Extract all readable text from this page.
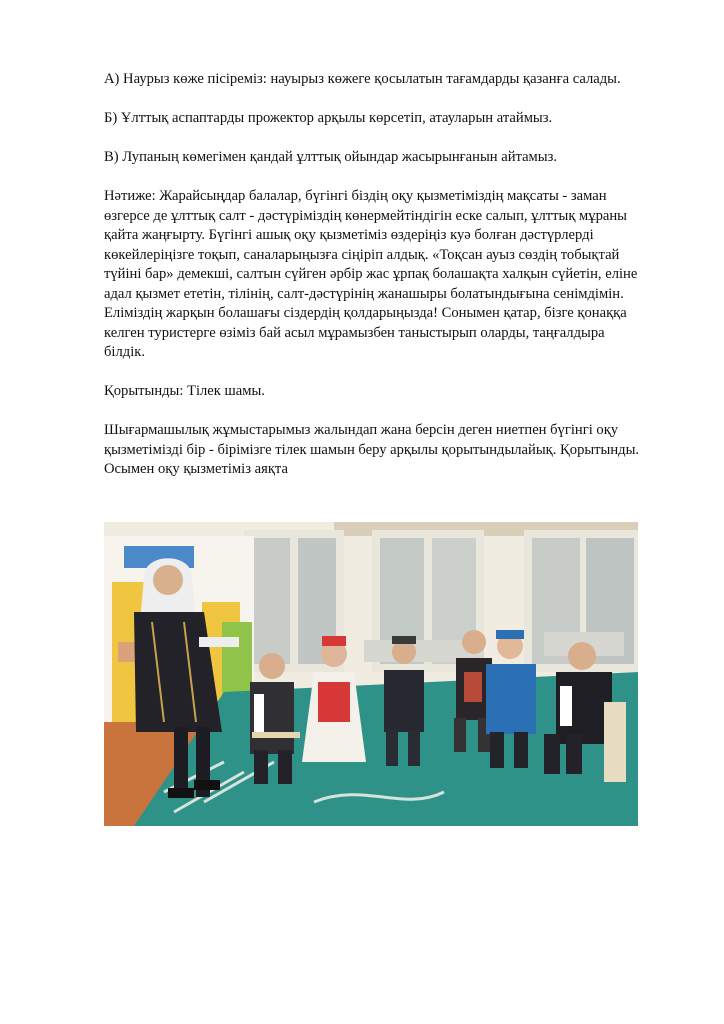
А) Наурыз көже пісіреміз: науырыз көжеге қосылатын тағамдарды қазанға салады.

Б) Ұлттық аспаптарды прожектор арқылы көрсетіп, атауларын атаймыз.

В) Лупаның көмегімен қандай ұлттық ойындар жасырынғанын айтамыз.

Нәтиже: Жарайсыңдар балалар, бүгінгі біздің оқу қызметіміздің мақсаты - заман өзгерсе де ұлттық салт - дәстүріміздің көнермейтіндігін еске салып, ұлттық мұраны қайта жаңғырту. Бүгінгі ашық оқу қызметіміз өздеріңіз куә болған дәстүрлерді көкейлеріңізге тоқып, саналарыңызға сіңіріп алдық. «Тоқсан ауыз сөздің тобықтай түйіні бар» демекші, салтын сүйген әрбір жас ұрпақ болашақта халқын сүйетін, еліне адал қызмет ететін, тілінің, салт-дәстүрінің жанашыры болатындығына сенімдімін. Еліміздің жарқын болашағы сіздердің қолдарыңызда! Сонымен қатар, бізге қонаққа келген туристерге өзіміз бай асыл мұрамызбен таныстырып оларды, таңғалдыра білдік.

Қорытынды: Тілек шамы.

Шығармашылық жұмыстарымыз жалындап жана берсін деген ниетпен бүгінгі оқу қызметімізді бір - бірімізге тілек шамын беру арқылы қорытындылайық. Қорытынды. Осымен оқу қызметіміз аяқта
